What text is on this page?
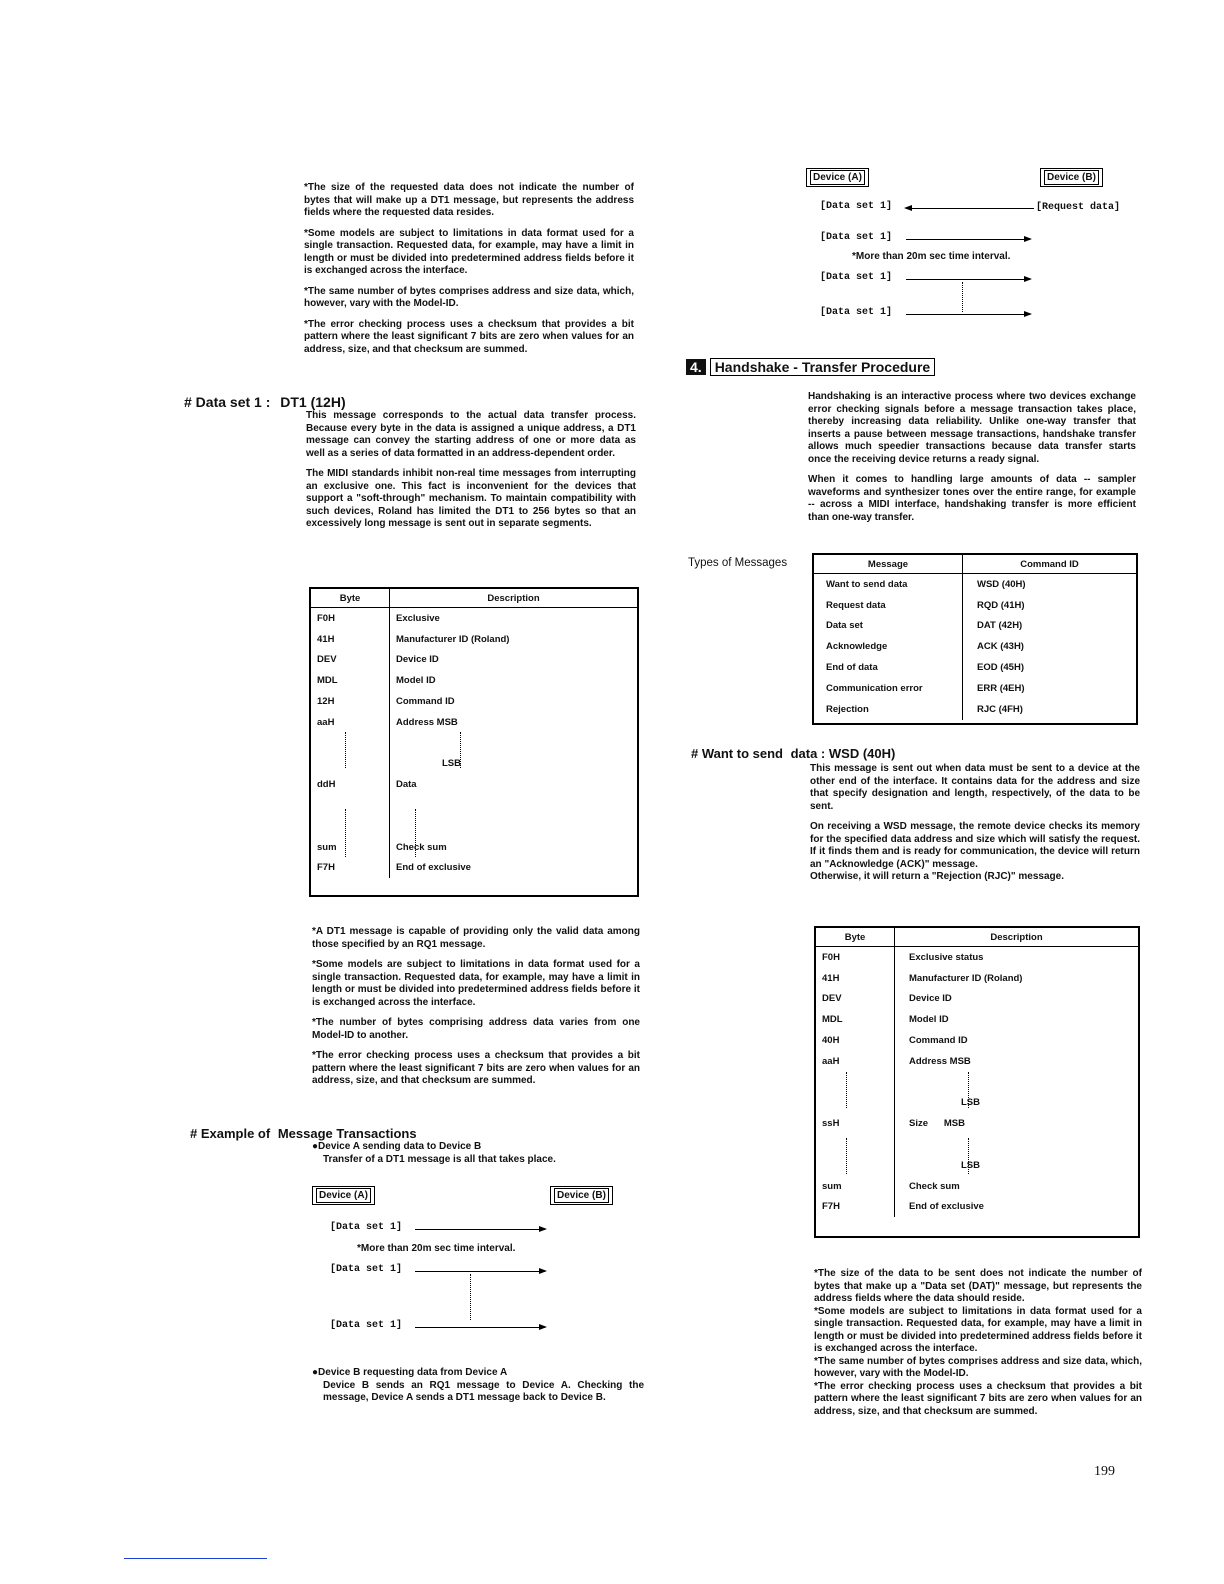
*The size of the requested data does not indicate the number of bytes that will make up a DT1 message, but represents the address fields where the requested data resides.

*Some models are subject to limitations in data format used for a single transaction. Requested data, for example, may have a limit in length or must be divided into predetermined address fields before it is exchanged across the interface.

*The same number of bytes comprises address and size data, which, however, vary with the Model-ID.

*The error checking process uses a checksum that provides a bit pattern where the least significant 7 bits are zero when values for an address, size, and that checksum are summed.

# Data set 1 : DT1 (12H)

This message corresponds to the actual data transfer process. Because every byte in the data is assigned a unique address, a DT1 message can convey the starting address of one or more data as well as a series of data formatted in an address-dependent order.

The MIDI standards inhibit non-real time messages from interrupting an exclusive one. This fact is inconvenient for the devices that support a "soft-through" mechanism. To maintain compatibility with such devices, Roland has limited the DT1 to 256 bytes so that an excessively long message is sent out in separate segments.

Byte	Description
F0H	Exclusive
41H	Manufacturer ID (Roland)
DEV	Device ID
MDL	Model ID
12H	Command ID
aaH	Address MSB

	LSB
ddH	Data

sum	Check sum
F7H	End of exclusive

*A DT1 message is capable of providing only the valid data among those specified by an RQ1 message.

*Some models are subject to limitations in data format used for a single transaction. Requested data, for example, may have a limit in length or must be divided into predetermined address fields before it is exchanged across the interface.

*The number of bytes comprising address data varies from one Model-ID to another.

*The error checking process uses a checksum that provides a bit pattern where the least significant 7 bits are zero when values for an address, size, and that checksum are summed.

# Example of Message Transactions
● Device A sending data to Device B
Transfer of a DT1 message is all that takes place.
Device (A)	Device (B)
[Data set 1]
*More than 20m sec time interval.
[Data set 1]
[Data set 1]
● Device B requesting data from Device A
Device B sends an RQ1 message to Device A. Checking the message, Device A sends a DT1 message back to Device B.
Device (A)	Device (B)
[Data set 1]	[Request data]
[Data set 1]
*More than 20m sec time interval.
[Data set 1]
[Data set 1]
4. Handshake - Transfer Procedure

Handshaking is an interactive process where two devices exchange error checking signals before a message transaction takes place, thereby increasing data reliability. Unlike one-way transfer that inserts a pause between message transactions, handshake transfer allows much speedier transactions because data transfer starts once the receiving device returns a ready signal.

When it comes to handling large amounts of data -- sampler waveforms and synthesizer tones over the entire range, for example -- across a MIDI interface, handshaking transfer is more efficient than one-way transfer.

Types of Messages	Message	Command ID
Want to send data	WSD (40H)
Request data	RQD (41H)
Data set	DAT (42H)
Acknowledge	ACK (43H)
End of data	EOD (45H)
Communication error	ERR (4EH)
Rejection	RJC (4FH)
# Want to send data : WSD (40H)

This message is sent out when data must be sent to a device at the other end of the interface. It contains data for the address and size that specify designation and length, respectively, of the data to be sent.

On receiving a WSD message, the remote device checks its memory for the specified data address and size which will satisfy the request. If it finds them and is ready for communication, the device will return an "Acknowledge (ACK)" message.

Otherwise, it will return a "Rejection (RJC)" message.

Byte	Description
F0H	Exclusive status
41H	Manufacturer ID (Roland)
DEV	Device ID
MDL	Model ID
40H	Command ID
aaH	Address MSB

	LSB
ssH	Size      MSB

	LSB
sum	Check sum
F7H	End of exclusive

*The size of the data to be sent does not indicate the number of bytes that make up a "Data set (DAT)" message, but represents the address fields where the data should reside.

*Some models are subject to limitations in data format used for a single transaction. Requested data, for example, may have a limit in length or must be divided into predetermined address fields before it is exchanged across the interface.

*The same number of bytes comprises address and size data, which, however, vary with the Model-ID.

*The error checking process uses a checksum that provides a bit pattern where the least significant 7 bits are zero when values for an address, size, and that checksum are summed.

199
